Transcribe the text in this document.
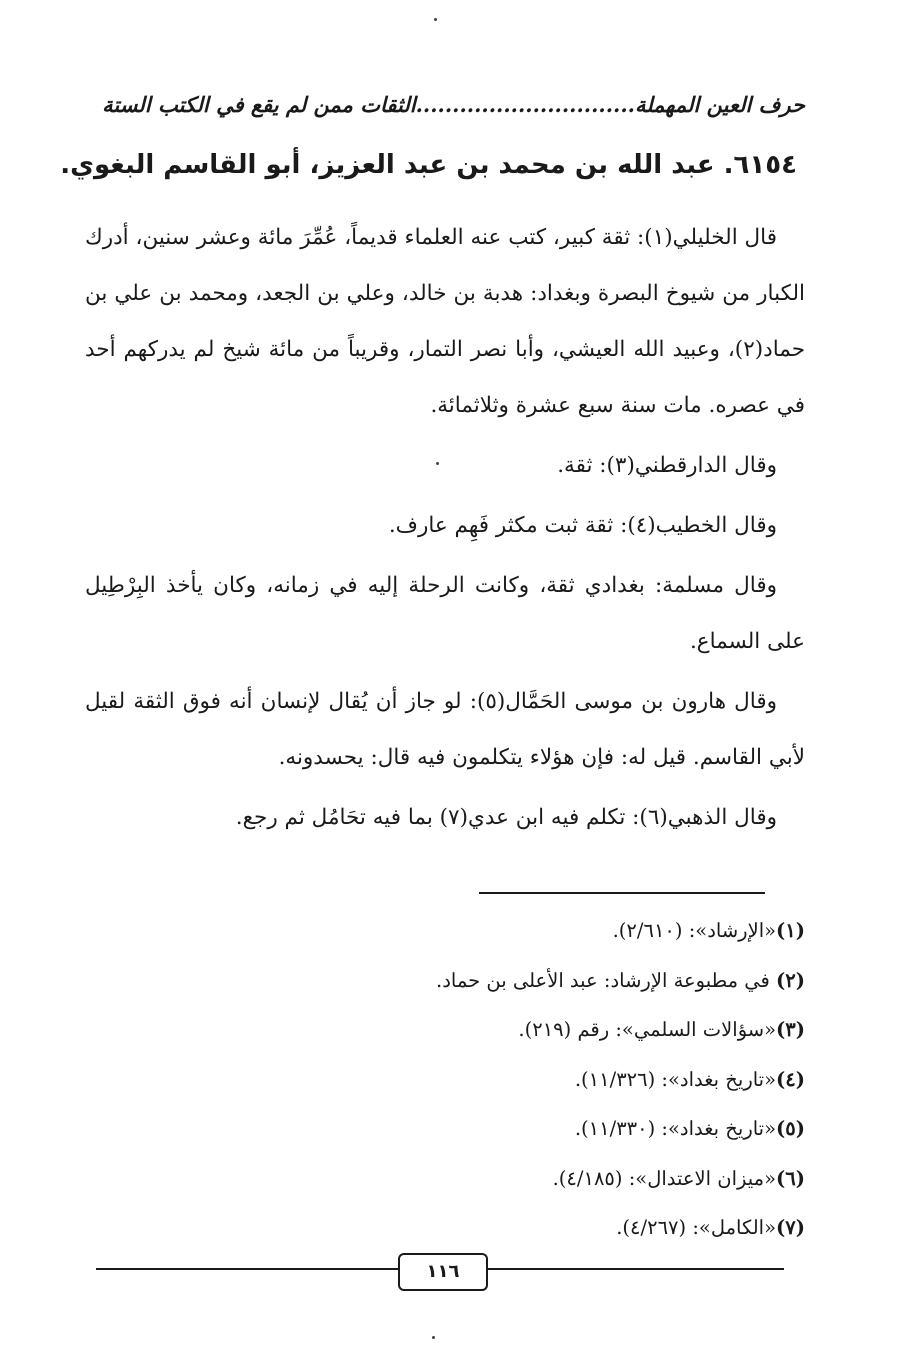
حرف العين المهملة..............................الثقات ممن لم يقع في الكتب الستة
٦١٥٤. عبد الله بن محمد بن عبد العزيز، أبو القاسم البغوي.

قال الخليلي(١): ثقة كبير، كتب عنه العلماء قديماً، عُمِّرَ مائة وعشر سنين، أدرك الكبار من شيوخ البصرة وبغداد: هدبة بن خالد، وعلي بن الجعد، ومحمد بن علي بن حماد(٢)، وعبيد الله العيشي، وأبا نصر التمار، وقريباً من مائة شيخ لم يدركهم أحد في عصره. مات سنة سبع عشرة وثلاثمائة.

وقال الدارقطني(٣): ثقة.

وقال الخطيب(٤): ثقة ثبت مكثر فَهِم عارف.

وقال مسلمة: بغدادي ثقة، وكانت الرحلة إليه في زمانه، وكان يأخذ البِرْطِيل على السماع.

وقال هارون بن موسى الحَمَّال(٥): لو جاز أن يُقال لإنسان أنه فوق الثقة لقيل لأبي القاسم. قيل له: فإن هؤلاء يتكلمون فيه قال: يحسدونه.

وقال الذهبي(٦): تكلم فيه ابن عدي(٧) بما فيه تحَامُل ثم رجع.

(١)«الإرشاد»: (٢/٦١٠).
(٢) في مطبوعة الإرشاد: عبد الأعلى بن حماد.
(٣)«سؤالات السلمي»: رقم (٢١٩).
(٤)«تاريخ بغداد»: (١١/٣٢٦).
(٥)«تاريخ بغداد»: (١١/٣٣٠).
(٦)«ميزان الاعتدال»: (٤/١٨٥).
(٧)«الكامل»: (٤/٢٦٧).
١١٦
